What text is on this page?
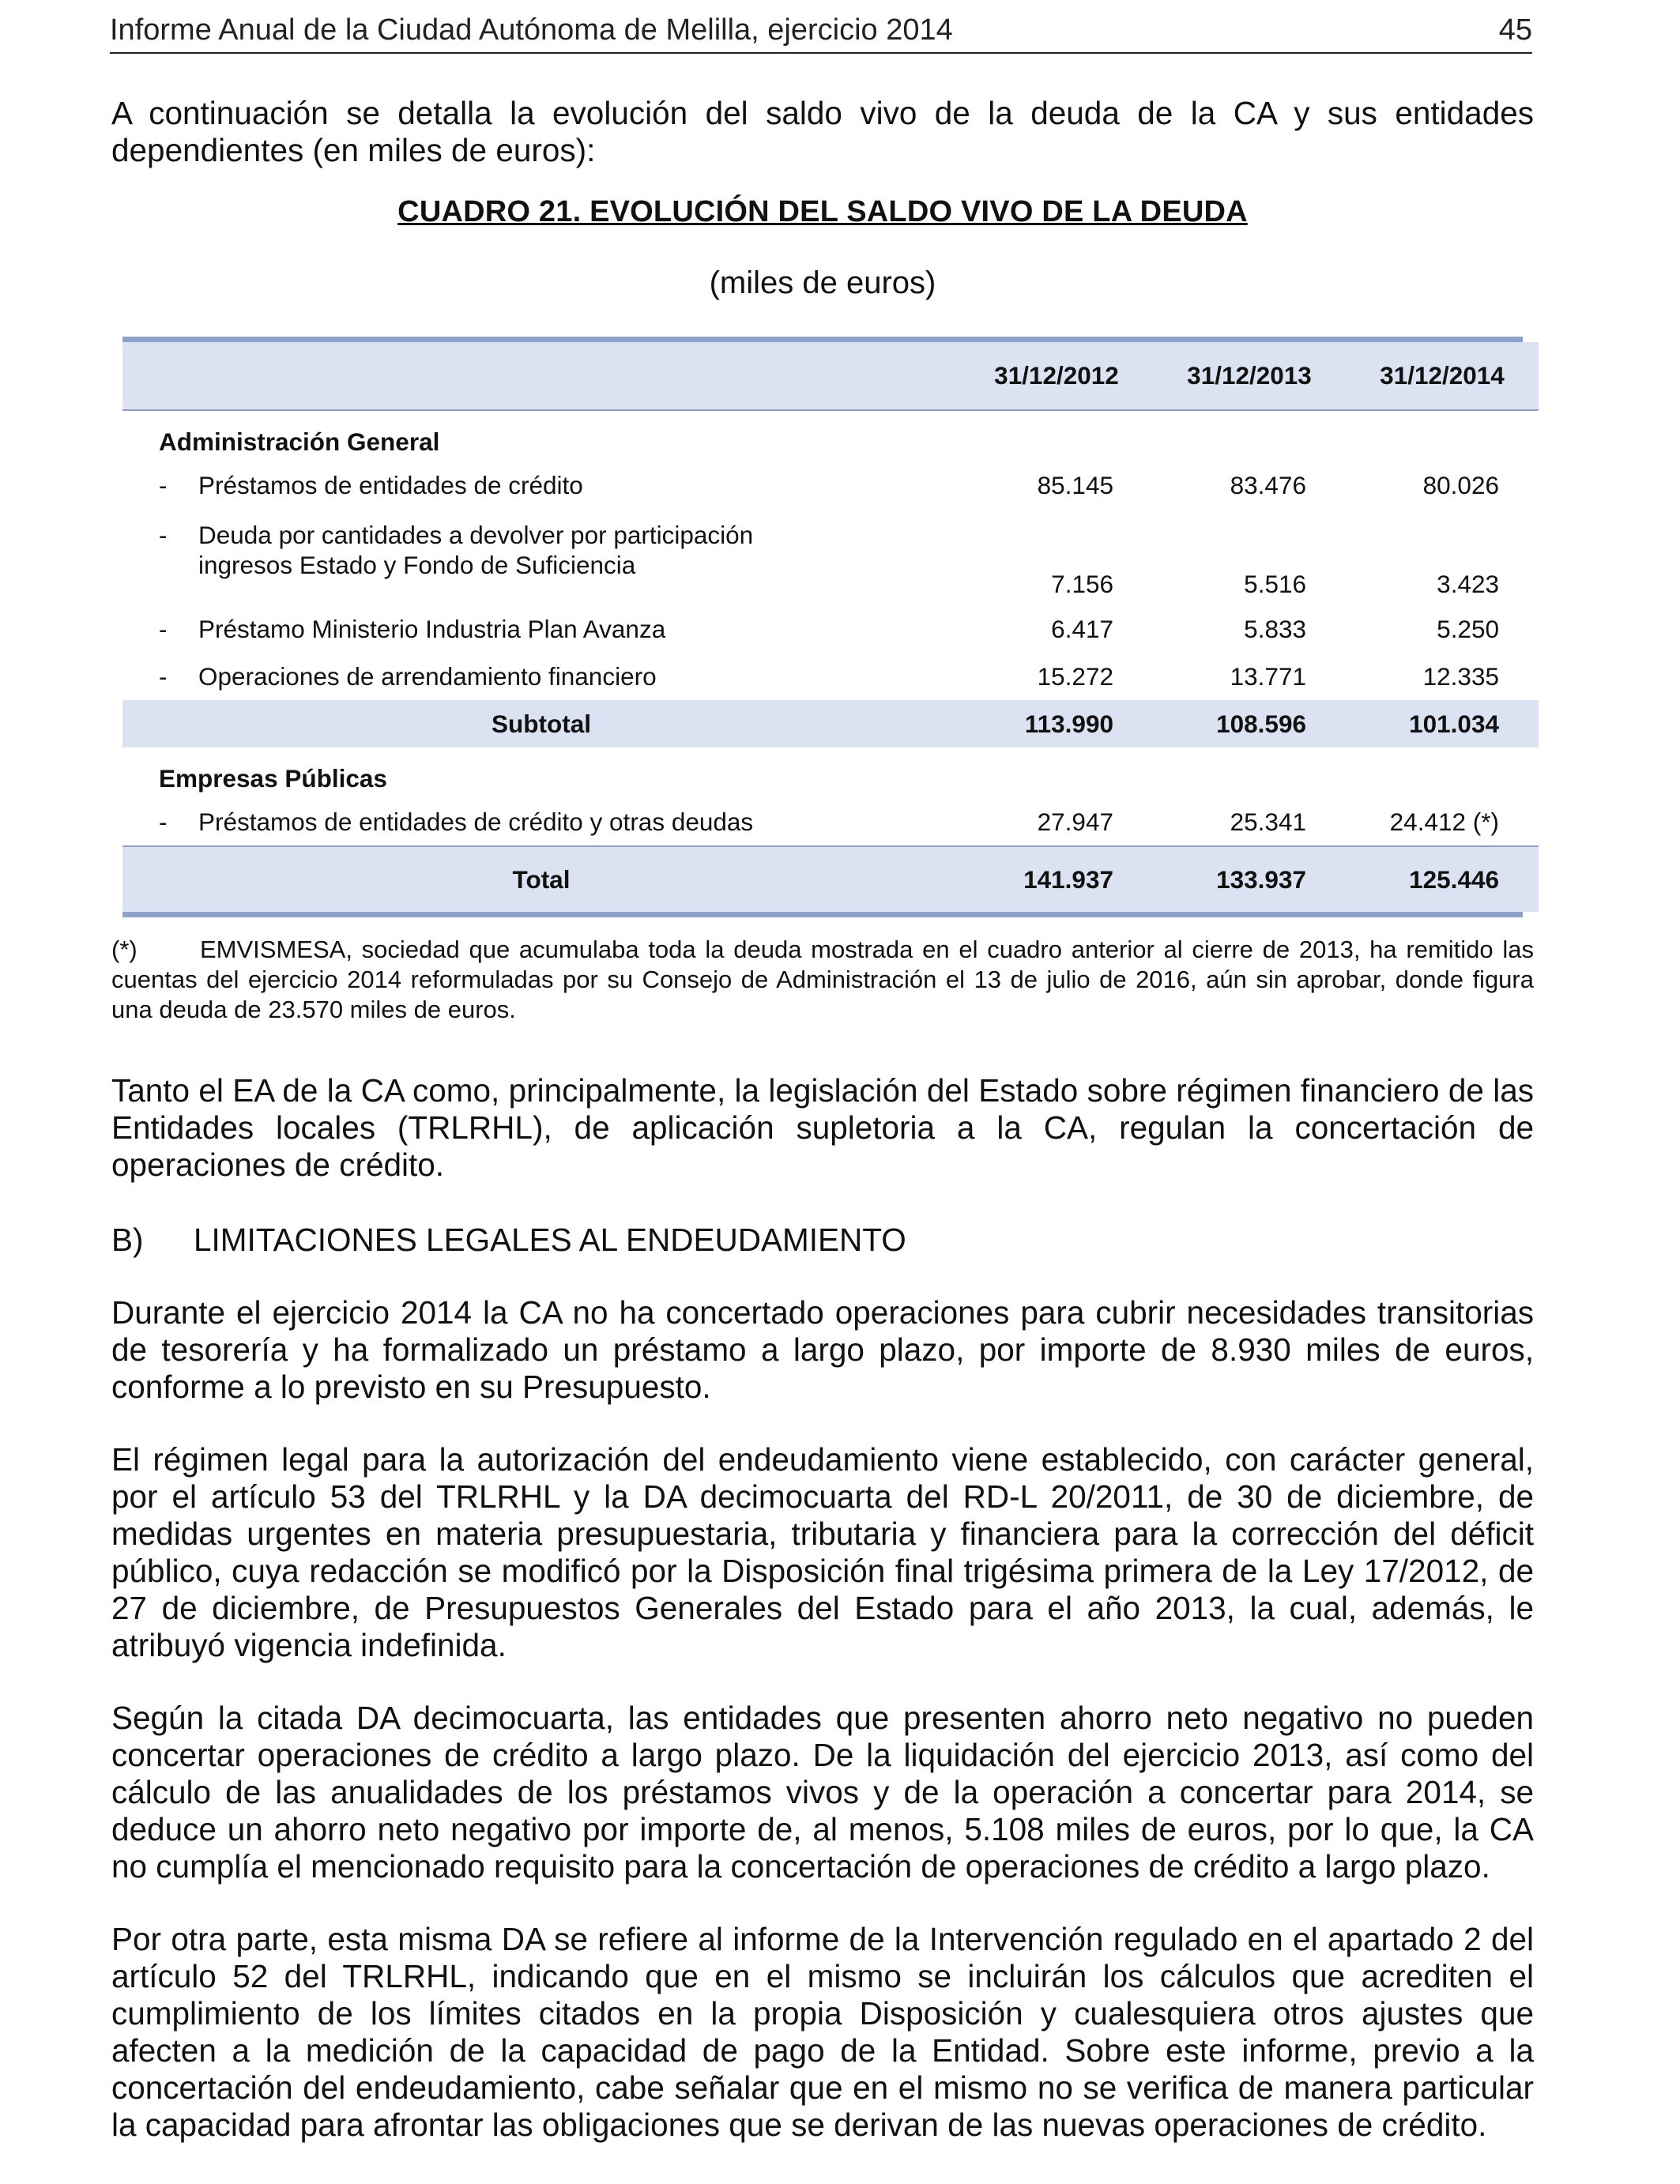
Informe Anual de la Ciudad Autónoma de Melilla, ejercicio 2014	45

A continuación se detalla la evolución del saldo vivo de la deuda de la CA y sus entidades dependientes (en miles de euros):

CUADRO 21. EVOLUCIÓN DEL SALDO VIVO DE LA DEUDA
(miles de euros)
	31/12/2012	31/12/2013	31/12/2014
Administración General			
- Préstamos de entidades de crédito	85.145	83.476	80.026

- Deuda por cantidades a devolver por participación
ingresos Estado y Fondo de Suficiencia	7.156	5.516	3.423
- Préstamo Ministerio Industria Plan Avanza	6.417	5.833	5.250
- Operaciones de arrendamiento financiero	15.272	13.771	12.335
Subtotal	113.990	108.596	101.034
Empresas Públicas			
- Préstamos de entidades de crédito y otras deudas	27.947	25.341	24.412 (*)
Total	141.937	133.937	125.446

(*)	EMVISMESA, sociedad que acumulaba toda la deuda mostrada en el cuadro anterior al cierre de 2013, ha remitido las cuentas del ejercicio 2014 reformuladas por su Consejo de Administración el 13 de julio de 2016, aún sin aprobar, donde figura una deuda de 23.570 miles de euros.

Tanto el EA de la CA como, principalmente, la legislación del Estado sobre régimen financiero de las Entidades locales (TRLRHL), de aplicación supletoria a la CA, regulan la concertación de operaciones de crédito.

B) LIMITACIONES LEGALES AL ENDEUDAMIENTO

Durante el ejercicio 2014 la CA no ha concertado operaciones para cubrir necesidades transitorias de tesorería y ha formalizado un préstamo a largo plazo, por importe de 8.930 miles de euros, conforme a lo previsto en su Presupuesto.

El régimen legal para la autorización del endeudamiento viene establecido, con carácter general, por el artículo 53 del TRLRHL y la DA decimocuarta del RD-L 20/2011, de 30 de diciembre, de medidas urgentes en materia presupuestaria, tributaria y financiera para la corrección del déficit público, cuya redacción se modificó por la Disposición final trigésima primera de la Ley 17/2012, de 27 de diciembre, de Presupuestos Generales del Estado para el año 2013, la cual, además, le atribuyó vigencia indefinida.

Según la citada DA decimocuarta, las entidades que presenten ahorro neto negativo no pueden concertar operaciones de crédito a largo plazo. De la liquidación del ejercicio 2013, así como del cálculo de las anualidades de los préstamos vivos y de la operación a concertar para 2014, se deduce un ahorro neto negativo por importe de, al menos, 5.108 miles de euros, por lo que, la CA no cumplía el mencionado requisito para la concertación de operaciones de crédito a largo plazo.

Por otra parte, esta misma DA se refiere al informe de la Intervención regulado en el apartado 2 del artículo 52 del TRLRHL, indicando que en el mismo se incluirán los cálculos que acrediten el cumplimiento de los límites citados en la propia Disposición y cualesquiera otros ajustes que afecten a la medición de la capacidad de pago de la Entidad. Sobre este informe, previo a la concertación del endeudamiento, cabe señalar que en el mismo no se verifica de manera particular la capacidad para afrontar las obligaciones que se derivan de las nuevas operaciones de crédito.
